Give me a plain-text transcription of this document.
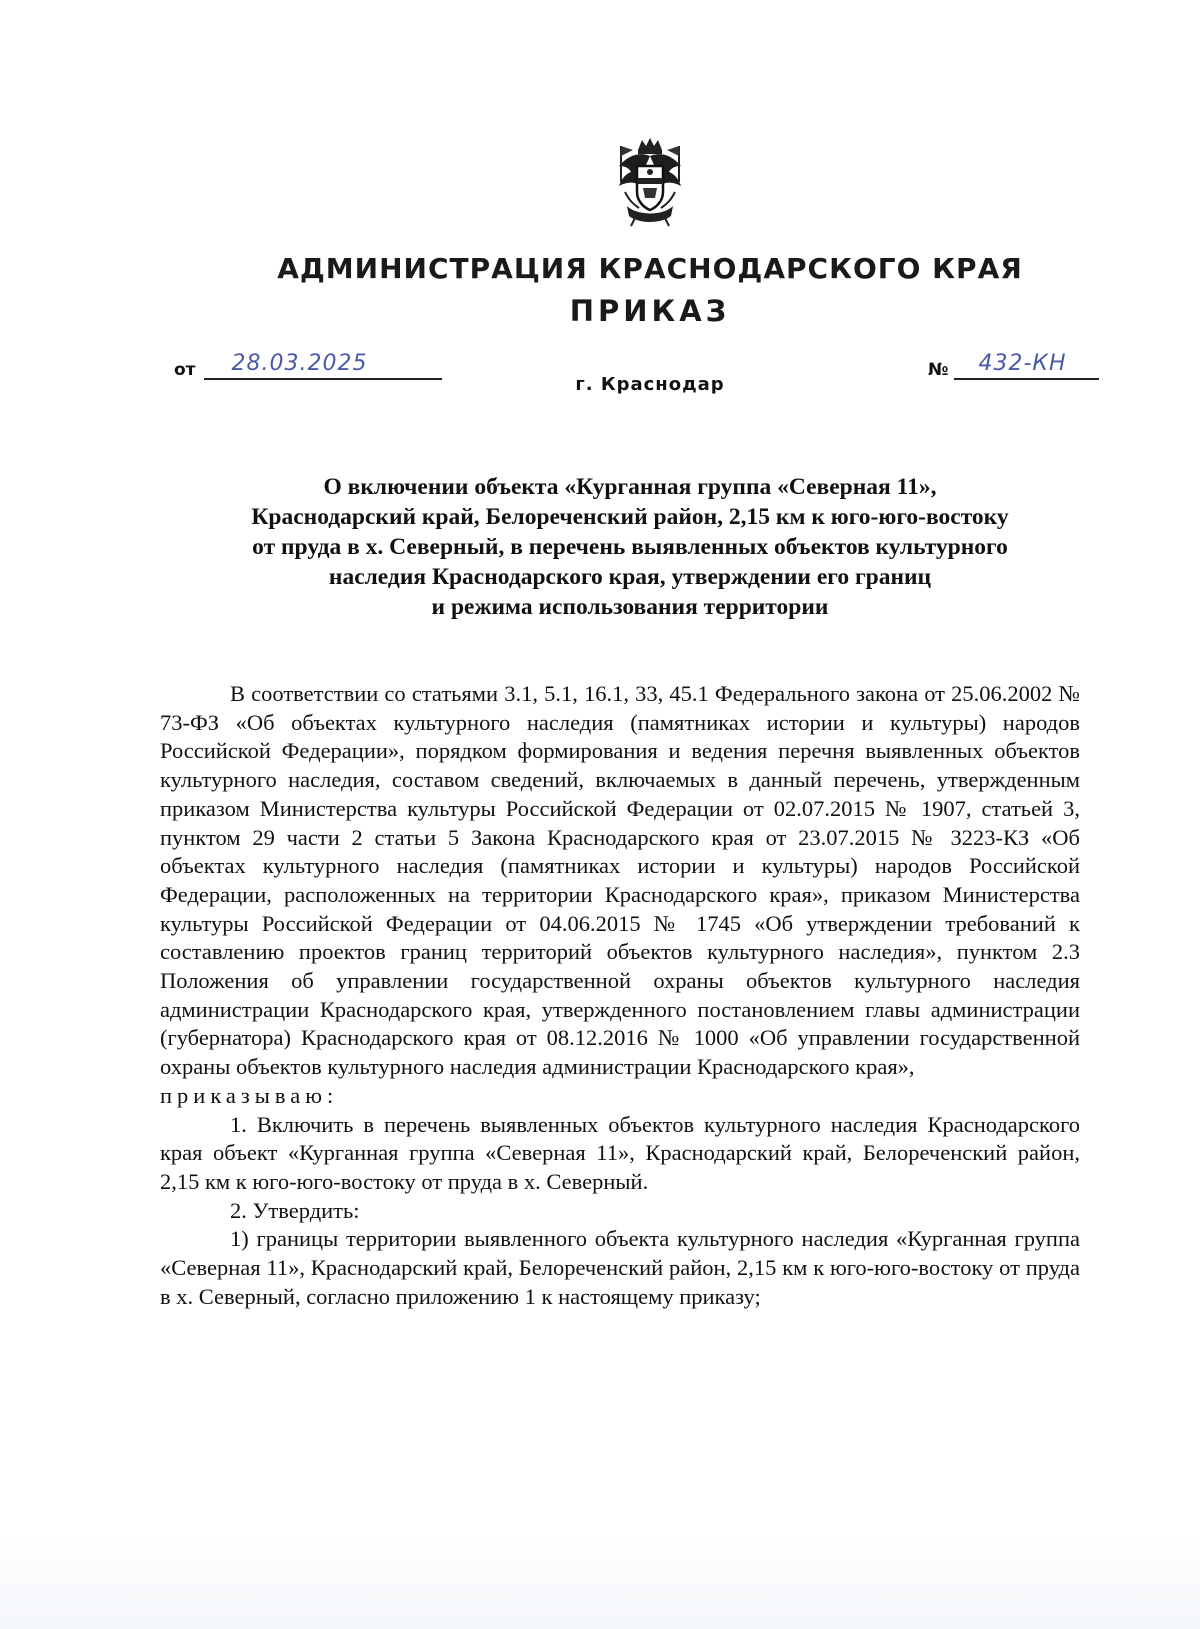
АДМИНИСТРАЦИЯ КРАСНОДАРСКОГО КРАЯ
ПРИКАЗ
от 28.03.2025	№ 432-КН
г. Краснодар
О включении объекта «Курганная группа «Северная 11»,
Краснодарский край, Белореченский район, 2,15 км к юго-юго-востоку
от пруда в х. Северный, в перечень выявленных объектов культурного
наследия Краснодарского края, утверждении его границ
и режима использования территории

В соответствии со статьями 3.1, 5.1, 16.1, 33, 45.1 Федерального закона от 25.06.2002 № 73-ФЗ «Об объектах культурного наследия (памятниках истории и культуры) народов Российской Федерации», порядком формирования и ведения перечня выявленных объектов культурного наследия, составом сведений, включаемых в данный перечень, утвержденным приказом Министерства культуры Российской Федерации от 02.07.2015 № 1907, статьей 3, пунктом 29 части 2 статьи 5 Закона Краснодарского края от 23.07.2015 № 3223-КЗ «Об объектах культурного наследия (памятниках истории и культуры) народов Российской Федерации, расположенных на территории Краснодарского края», приказом Министерства культуры Российской Федерации от 04.06.2015 № 1745 «Об утверждении требований к составлению проектов границ территорий объектов культурного наследия», пунктом 2.3 Положения об управлении государственной охраны объектов культурного наследия администрации Краснодарского края, утвержденного постановлением главы администрации (губернатора) Краснодарского края от 08.12.2016 № 1000 «Об управлении государственной охраны объектов культурного наследия администрации Краснодарского края»,

приказываю:

1. Включить в перечень выявленных объектов культурного наследия Краснодарского края объект «Курганная группа «Северная 11», Краснодарский край, Белореченский район, 2,15 км к юго-юго-востоку от пруда в х. Северный.

2. Утвердить:

1) границы территории выявленного объекта культурного наследия «Курганная группа «Северная 11», Краснодарский край, Белореченский район, 2,15 км к юго-юго-востоку от пруда в х. Северный, согласно приложению 1 к настоящему приказу;
